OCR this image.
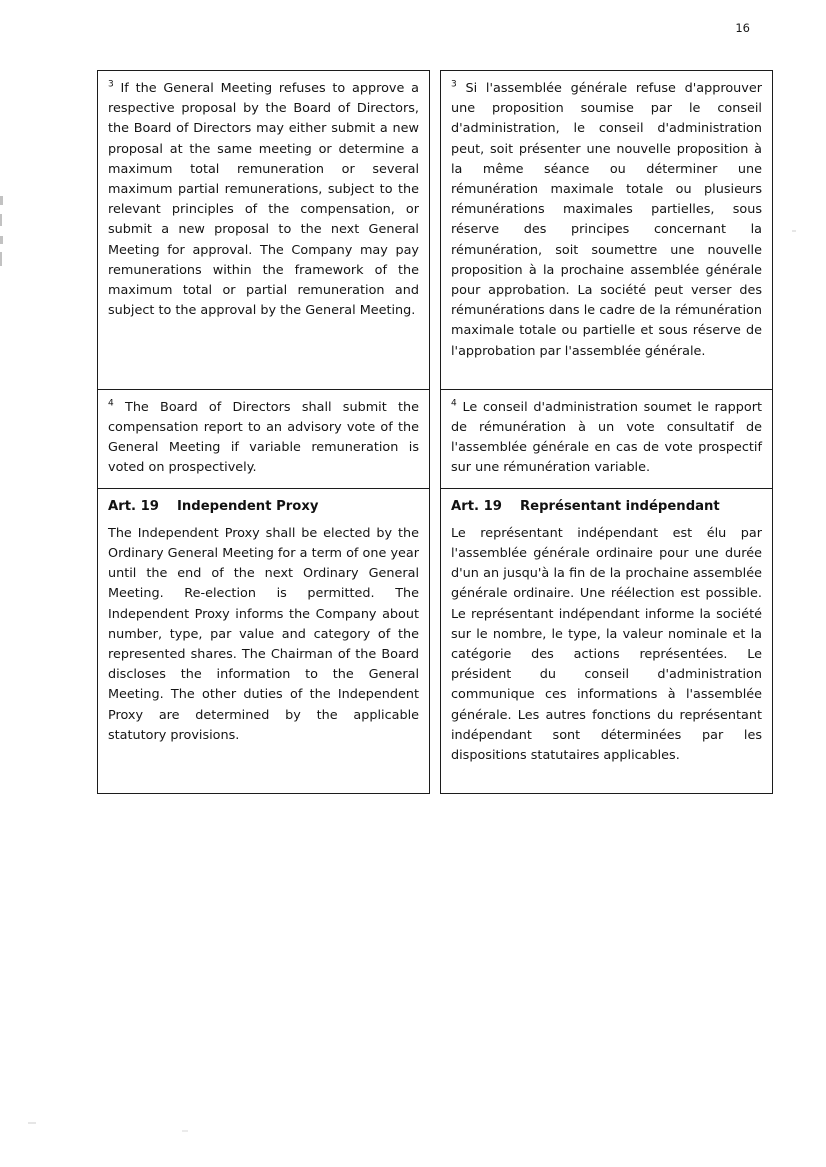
16

$^3$ If the General Meeting refuses to approve a respective proposal by the Board of Directors, the Board of Directors may either submit a new proposal at the same meeting or determine a maximum total remuneration or several maximum partial remunerations, subject to the relevant principles of the compensation, or submit a new proposal to the next General Meeting for approval. The Company may pay remunerations within the framework of the maximum total or partial remuneration and subject to the approval by the General Meeting.

$^4$ The Board of Directors shall submit the compensation report to an advisory vote of the General Meeting if variable remuneration is voted on prospectively.

Art. 19 Independent Proxy

The Independent Proxy shall be elected by the Ordinary General Meeting for a term of one year until the end of the next Ordinary General Meeting. Re-election is permitted. The Independent Proxy informs the Company about number, type, par value and category of the represented shares. The Chairman of the Board discloses the information to the General Meeting. The other duties of the Independent Proxy are determined by the applicable statutory provisions.

$^3$ Si l'assemblée générale refuse d'approuver une proposition soumise par le conseil d'administration, le conseil d'administration peut, soit présenter une nouvelle proposition à la même séance ou déterminer une rémunération maximale totale ou plusieurs rémunérations maximales partielles, sous réserve des principes concernant la rémunération, soit soumettre une nouvelle proposition à la prochaine assemblée générale pour approbation. La société peut verser des rémunérations dans le cadre de la rémunération maximale totale ou partielle et sous réserve de l'approbation par l'assemblée générale.

$^4$ Le conseil d'administration soumet le rapport de rémunération à un vote consultatif de l'assemblée générale en cas de vote prospectif sur une rémunération variable.

Art. 19 Représentant indépendant

Le représentant indépendant est élu par l'assemblée générale ordinaire pour une durée d'un an jusqu'à la fin de la prochaine assemblée générale ordinaire. Une réélection est possible. Le représentant indépendant informe la société sur le nombre, le type, la valeur nominale et la catégorie des actions représentées. Le président du conseil d'administration communique ces informations à l'assemblée générale. Les autres fonctions du représentant indépendant sont déterminées par les dispositions statutaires applicables.
